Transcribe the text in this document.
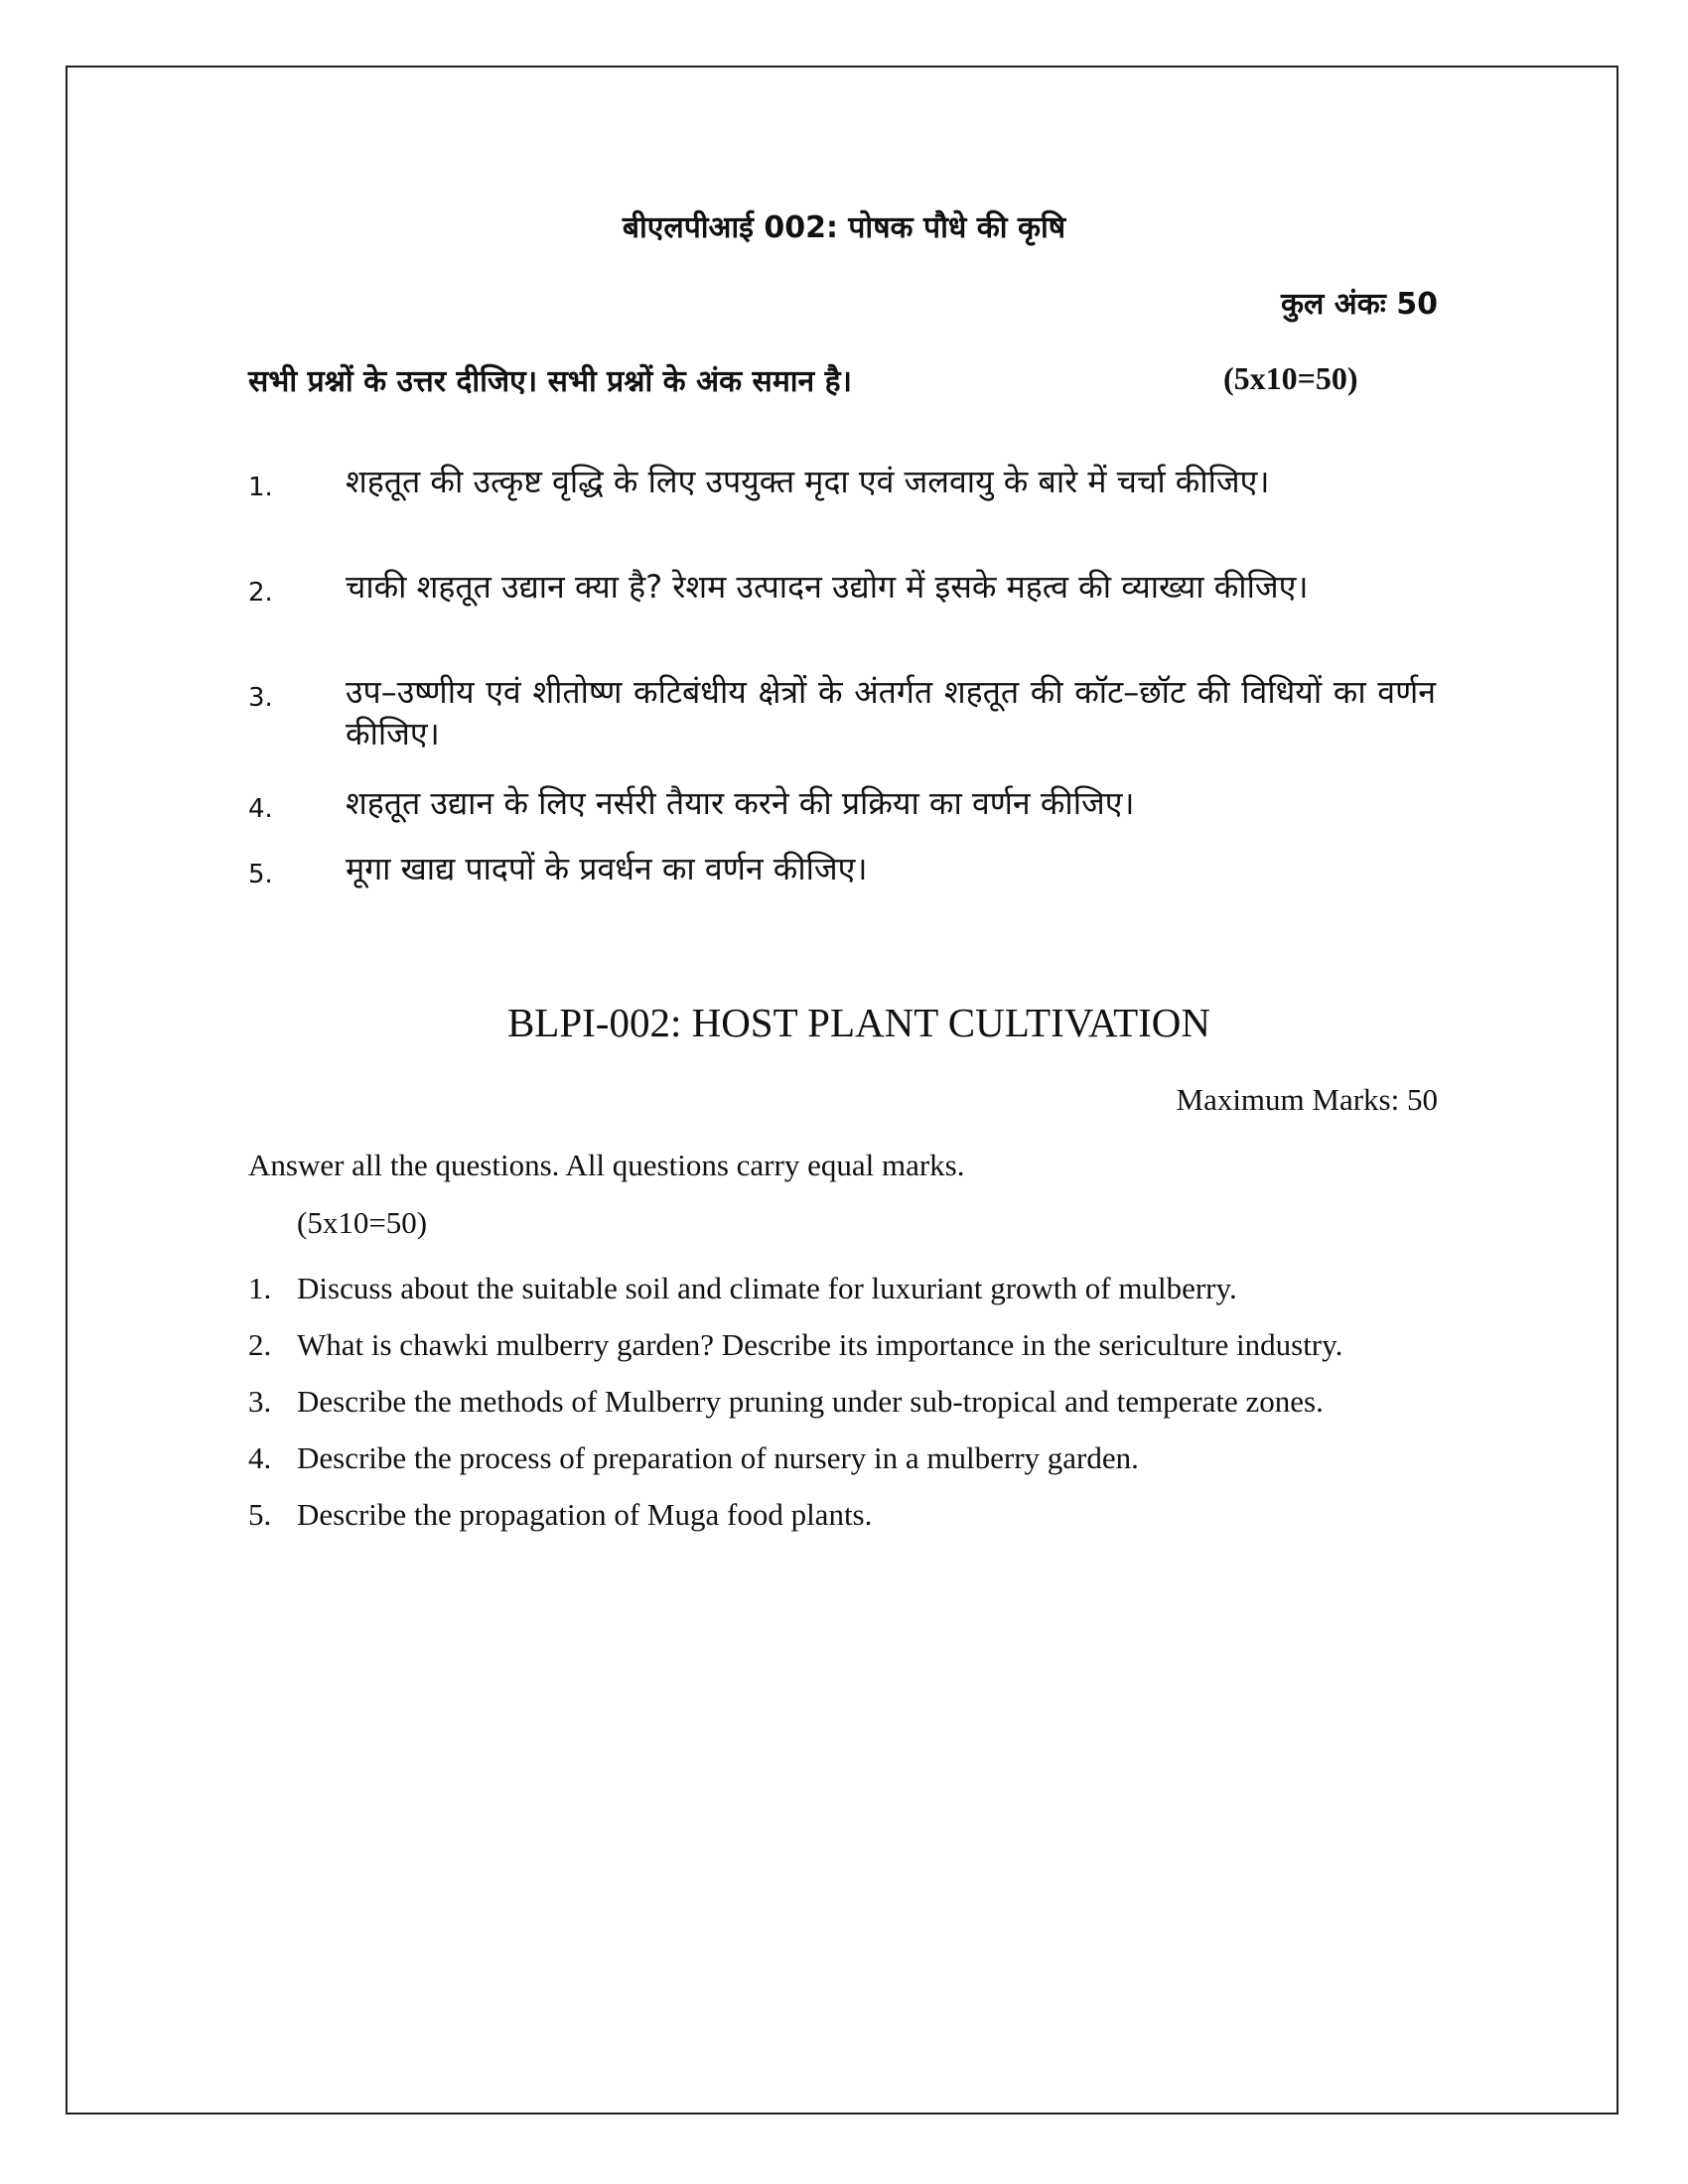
बीएलपीआई 002: पोषक पौधे की कृषि
कुल अंकः 50
सभी प्रश्नों के उत्तर दीजिए। सभी प्रश्नों के अंक समान है।	(5x10=50)
1. शहतूत की उत्कृष्ट वृद्धि के लिए उपयुक्त मृदा एवं जलवायु के बारे में चर्चा कीजिए।
2. चाकी शहतूत उद्यान क्या है? रेशम उत्पादन उद्योग में इसके महत्व की व्याख्या कीजिए।
3. उप–उष्णीय एवं शीतोष्ण कटिबंधीय क्षेत्रों के अंतर्गत शहतूत की कॉट–छॉट की विधियों का वर्णन कीजिए।
4. शहतूत उद्यान के लिए नर्सरी तैयार करने की प्रक्रिया का वर्णन कीजिए।
5. मूगा खाद्य पादपों के प्रवर्धन का वर्णन कीजिए।
BLPI-002: HOST PLANT CULTIVATION
Maximum Marks: 50
Answer all the questions. All questions carry equal marks.
(5x10=50)
1. Discuss about the suitable soil and climate for luxuriant growth of mulberry.
2. What is chawki mulberry garden? Describe its importance in the sericulture industry.
3. Describe the methods of Mulberry pruning under sub-tropical and temperate zones.
4. Describe the process of preparation of nursery in a mulberry garden.
5. Describe the propagation of Muga food plants.
